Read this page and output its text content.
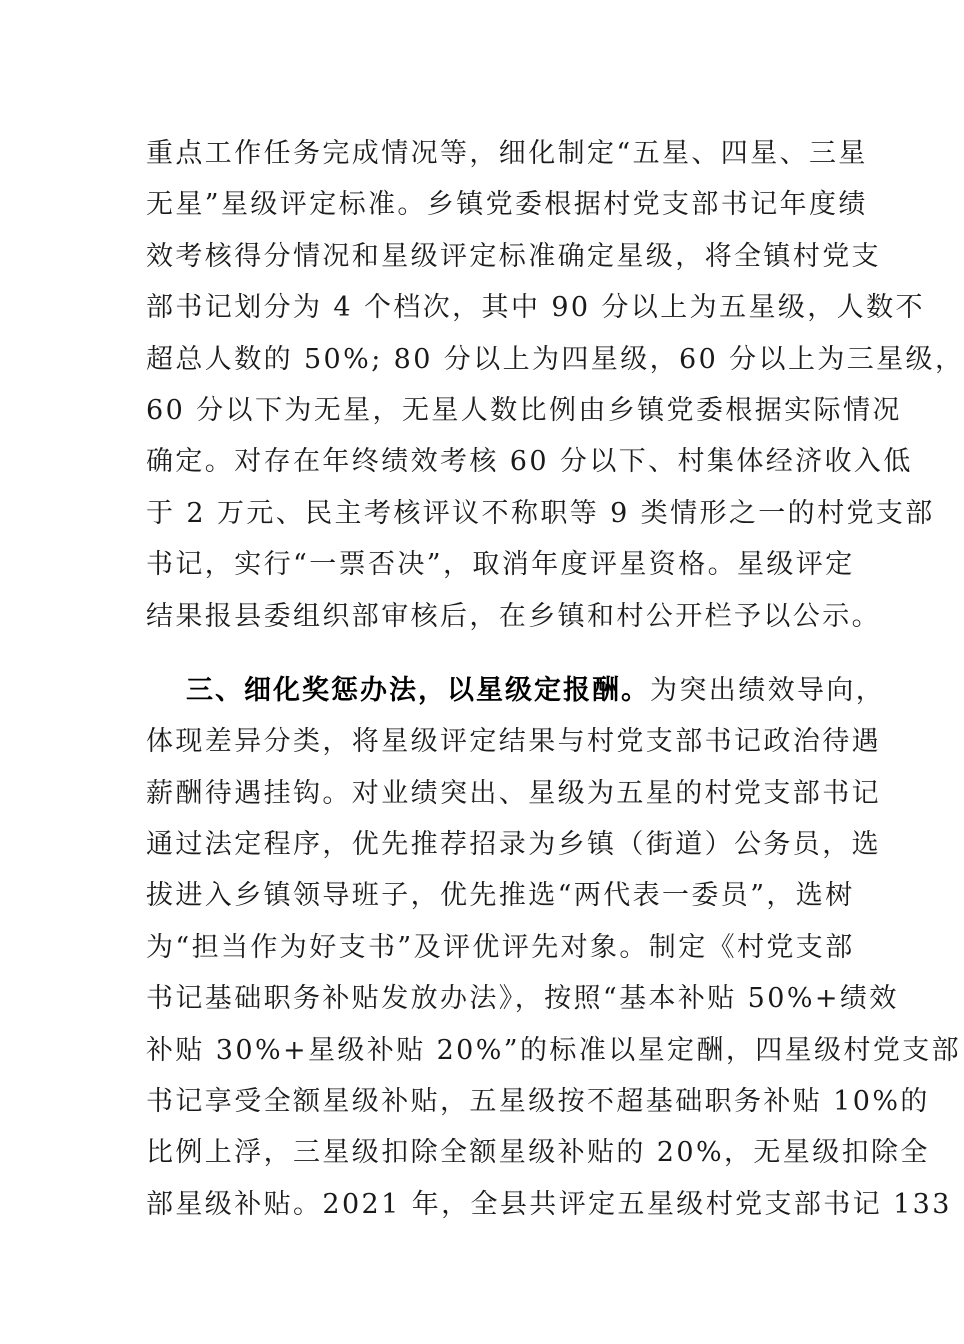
重点工作任务完成情况等，细化制定“五星、四星、三星
无星”星级评定标准。乡镇党委根据村党支部书记年度绩
效考核得分情况和星级评定标准确定星级，将全镇村党支
部书记划分为 4 个档次，其中 90 分以上为五星级，人数不
超总人数的 50%; 80 分以上为四星级，60 分以上为三星级，
60 分以下为无星，无星人数比例由乡镇党委根据实际情况
确定。对存在年终绩效考核 60 分以下、村集体经济收入低
于 2 万元、民主考核评议不称职等 9 类情形之一的村党支部
书记，实行“一票否决”，取消年度评星资格。星级评定
结果报县委组织部审核后，在乡镇和村公开栏予以公示。
三、细化奖惩办法，以星级定报酬。为突出绩效导向，
体现差异分类，将星级评定结果与村党支部书记政治待遇
薪酬待遇挂钩。对业绩突出、星级为五星的村党支部书记
通过法定程序，优先推荐招录为乡镇（街道）公务员，选
拔进入乡镇领导班子，优先推选“两代表一委员”，选树
为“担当作为好支书”及评优评先对象。制定《村党支部
书记基础职务补贴发放办法》，按照“基本补贴 50%+绩效
补贴 30%+星级补贴 20%”的标准以星定酬，四星级村党支部
书记享受全额星级补贴，五星级按不超基础职务补贴 10%的
比例上浮，三星级扣除全额星级补贴的 20%，无星级扣除全
部星级补贴。2021 年，全县共评定五星级村党支部书记 133
